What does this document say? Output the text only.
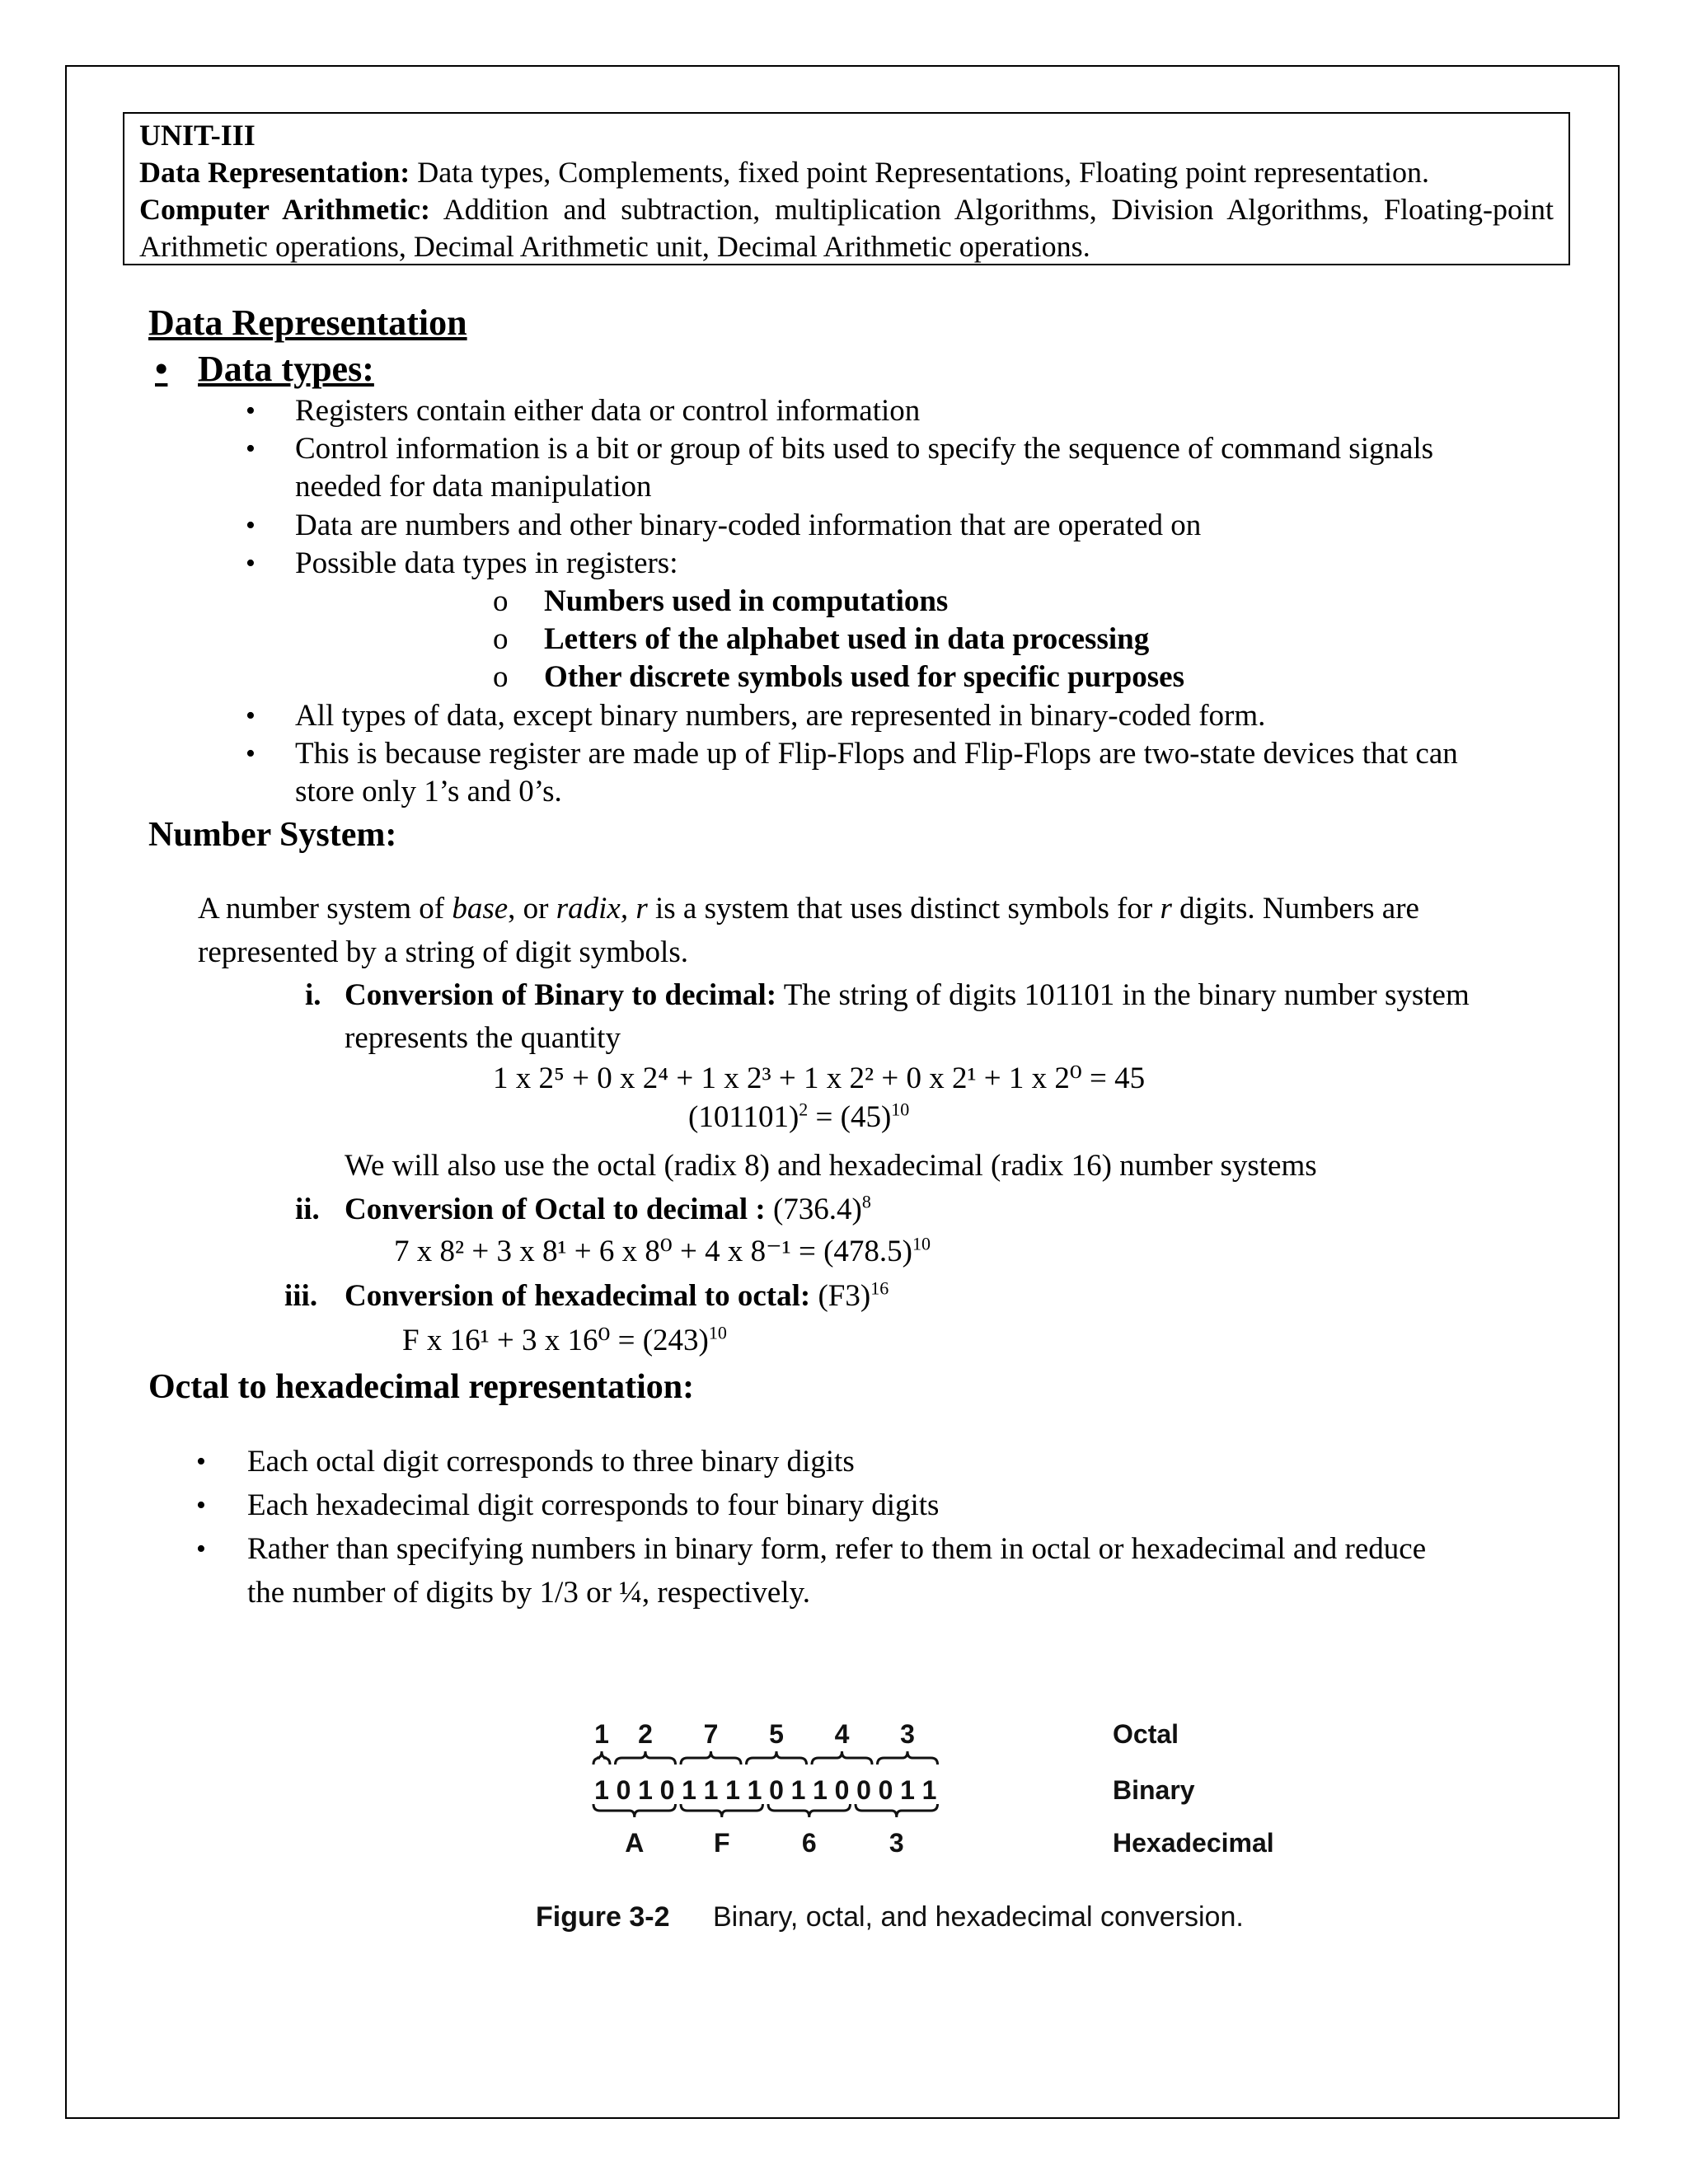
UNIT-III
Data Representation: Data types, Complements, fixed point Representations, Floating point representation.
Computer Arithmetic: Addition and subtraction, multiplication Algorithms, Division Algorithms, Floating-point Arithmetic operations, Decimal Arithmetic unit, Decimal Arithmetic operations.
Data Representation
• Data types:
• Registers contain either data or control information
• Control information is a bit or group of bits used to specify the sequence of command signals
needed for data manipulation
• Data are numbers and other binary-coded information that are operated on
• Possible data types in registers:
o Numbers used in computations
o Letters of the alphabet used in data processing
o Other discrete symbols used for specific purposes
• All types of data, except binary numbers, are represented in binary-coded form.
• This is because register are made up of Flip-Flops and Flip-Flops are two-state devices that can
store only 1’s and 0’s.
Number System:
A number system of base, or radix, r is a system that uses distinct symbols for r digits. Numbers are
represented by a string of digit symbols.
i. Conversion of Binary to decimal: The string of digits 101101 in the binary number system
represents the quantity
1 x 2⁵ + 0 x 2⁴ + 1 x 2³ + 1 x 2² + 0 x 2¹ + 1 x 2⁰ = 45
$(101101)^2 = (45)^{10}$
We will also use the octal (radix 8) and hexadecimal (radix 16) number systems
ii. Conversion of Octal to decimal : $(736.4)^8$
7 x 8² + 3 x 8¹ + 6 x 8⁰ + 4 x $8^{-1} = (478.5)^{10}$
iii. Conversion of hexadecimal to octal: $(F3)^{16}$
F x 16¹ + 3 x $16^0 = (243)^{10}$
Octal to hexadecimal representation:
• Each octal digit corresponds to three binary digits
• Each hexadecimal digit corresponds to four binary digits
• Rather than specifying numbers in binary form, refer to them in octal or hexadecimal and reduce
the number of digits by 1/3 or ¼, respectively.
1 2 7 5 4 3
1 0 1 0 1 1 1 1 0 1 1 0 0 0 1 1
A	F	6	3
Octal
Binary
Hexadecimal
Figure 3-2 Binary, octal, and hexadecimal conversion.
